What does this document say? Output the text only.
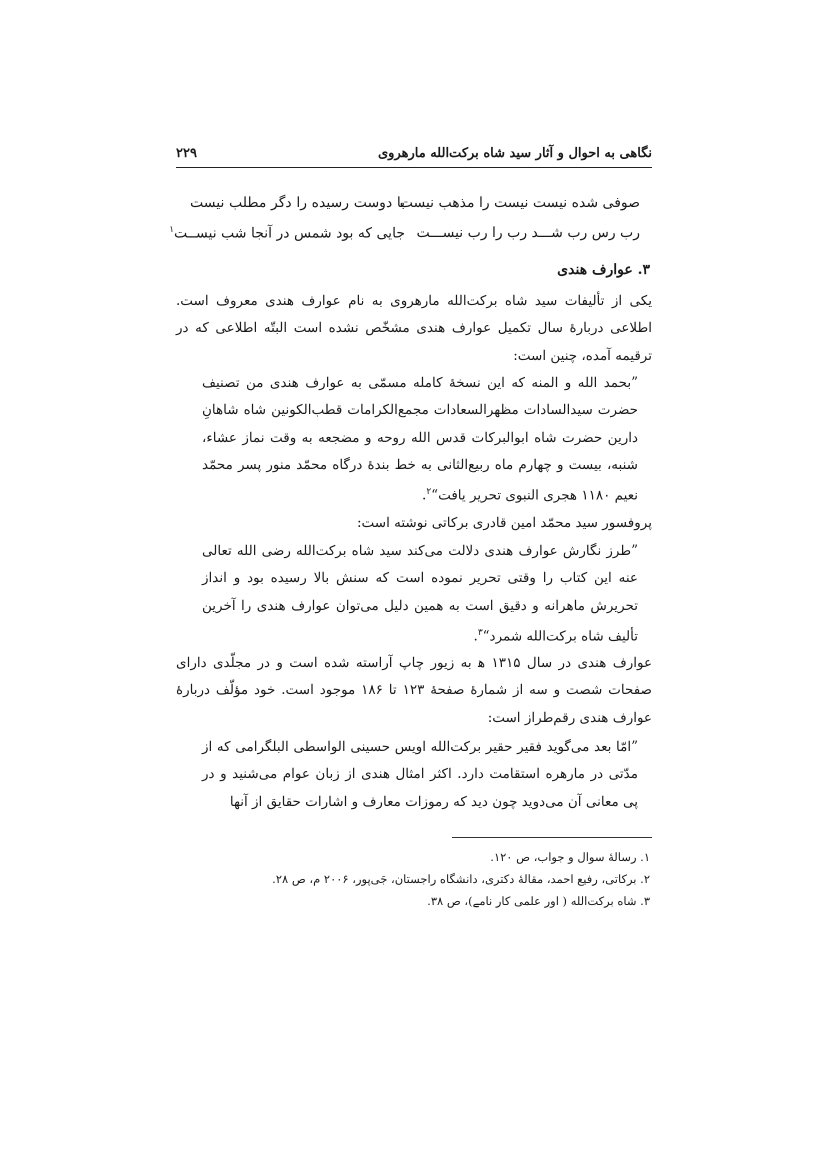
نگاهی به احوال و آثار سید شاه برکت‌الله مارهروی
۲۲۹
صوفی شده نیست نیست را مذهب نیست
با دوست رسیده را دگر مطلب نیست
رب رس رب شـــد رب را رب نیســـت
جایی که بود شمس در آنجا شب نیســت$^۱$
۳. عوارف هندی

یکی از تألیفات سید شاه برکت‌الله مارهروی به نام عوارف هندی معروف است. اطلاعی دربارهٔ سال تکمیل عوارف هندی مشخّص نشده است البتّه اطلاعی که در ترقیمه آمده، چنین است:

”بحمد الله و المنه که این نسخهٔ کامله مسمّی به عوارف هندی من تصنیف حضرت سیدالسادات مظهرالسعادات مجمع‌الکرامات قطب‌الکونین شاه شاهانِ دارین حضرت شاه ابوالبرکات قدس الله روحه و مضجعه به وقت نماز عشاء، شنبه، بیست و چهارم ماه ربیع‌الثانی به خط بندهٔ درگاه محمّد منور پسر محمّد نعیم ۱۱۸۰ هجری النبوی تحریر یافت“$^۲$.

پروفسور سید محمّد امین قادری برکاتی نوشته است:

”طرز نگارش عوارف هندی دلالت می‌کند سید شاه برکت‌الله رضی الله تعالی عنه این کتاب را وقتی تحریر نموده است که سنش بالا رسیده بود و انداز تحریرش ماهرانه و دقیق است به همین دلیل می‌توان عوارف هندی را آخرین تألیف شاه برکت‌الله شمرد“$^۳$.

عوارف هندی در سال ۱۳۱۵ ﻫ به زیور چاپ آراسته شده است و در مجلّدی دارای صفحات شصت و سه از شمارهٔ صفحهٔ ۱۲۳ تا ۱۸۶ موجود است. خود مؤلّف دربارهٔ عوارف هندی رقم‌طراز است:

”امّا بعد می‌گوید فقیر حقیر برکت‌الله اویس حسینی الواسطی البلگرامی که از مدّتی در مارهره استقامت دارد. اکثر امثال هندی از زبان عوام می‌شنید و در پی معانی آن می‌دوید چون دید که رموزات معارف و اشارات حقایق از آنها

۱. رسالهٔ سوال و جواب، ص ۱۲۰.
۲. برکاتی، رفیع احمد، مقالهٔ دکتری، دانشگاه راجستان، جَی‌پور، ۲۰۰۶ م، ص ۲۸.
۳. شاه برکت‌الله ( اور علمی کار نامے)، ص ۳۸.
